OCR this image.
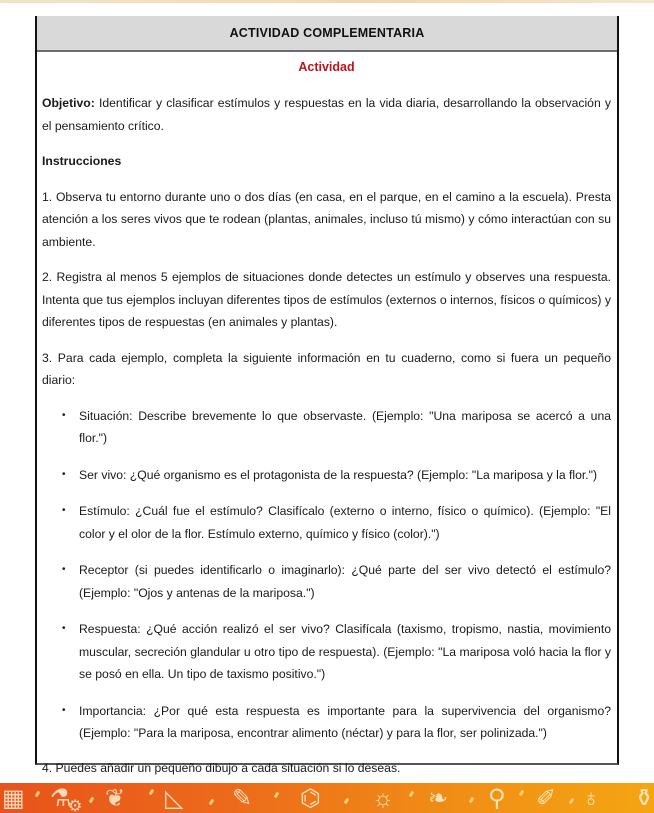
ACTIVIDAD COMPLEMENTARIA
Actividad

Objetivo: Identificar y clasificar estímulos y respuestas en la vida diaria, desarrollando la observación y el pensamiento crítico.

Instrucciones

1. Observa tu entorno durante uno o dos días (en casa, en el parque, en el camino a la escuela). Presta atención a los seres vivos que te rodean (plantas, animales, incluso tú mismo) y cómo interactúan con su ambiente.

2. Registra al menos 5 ejemplos de situaciones donde detectes un estímulo y observes una respuesta. Intenta que tus ejemplos incluyan diferentes tipos de estímulos (externos o internos, físicos o químicos) y diferentes tipos de respuestas (en animales y plantas).

3. Para cada ejemplo, completa la siguiente información en tu cuaderno, como si fuera un pequeño diario:

• Situación: Describe brevemente lo que observaste. (Ejemplo: "Una mariposa se acercó a una flor.")
• Ser vivo: ¿Qué organismo es el protagonista de la respuesta? (Ejemplo: "La mariposa y la flor.")
• Estímulo: ¿Cuál fue el estímulo? Clasifícalo (externo o interno, físico o químico). (Ejemplo: "El color y el olor de la flor. Estímulo externo, químico y físico (color).")
• Receptor (si puedes identificarlo o imaginarlo): ¿Qué parte del ser vivo detectó el estímulo? (Ejemplo: "Ojos y antenas de la mariposa.")
• Respuesta: ¿Qué acción realizó el ser vivo? Clasifícala (taxismo, tropismo, nastia, movimiento muscular, secreción glandular u otro tipo de respuesta). (Ejemplo: "La mariposa voló hacia la flor y se posó en ella. Un tipo de taxismo positivo.")
• Importancia: ¿Por qué esta respuesta es importante para la supervivencia del organismo? (Ejemplo: "Para la mariposa, encontrar alimento (néctar) y para la flor, ser polinizada.")

4. Puedes añadir un pequeño dibujo a cada situación si lo deseas.

▦ ⚗
⚙ ❦ ◺ ✎ ⌬ ☼ ❧ ⚲ ✐ ♁ ⚱
